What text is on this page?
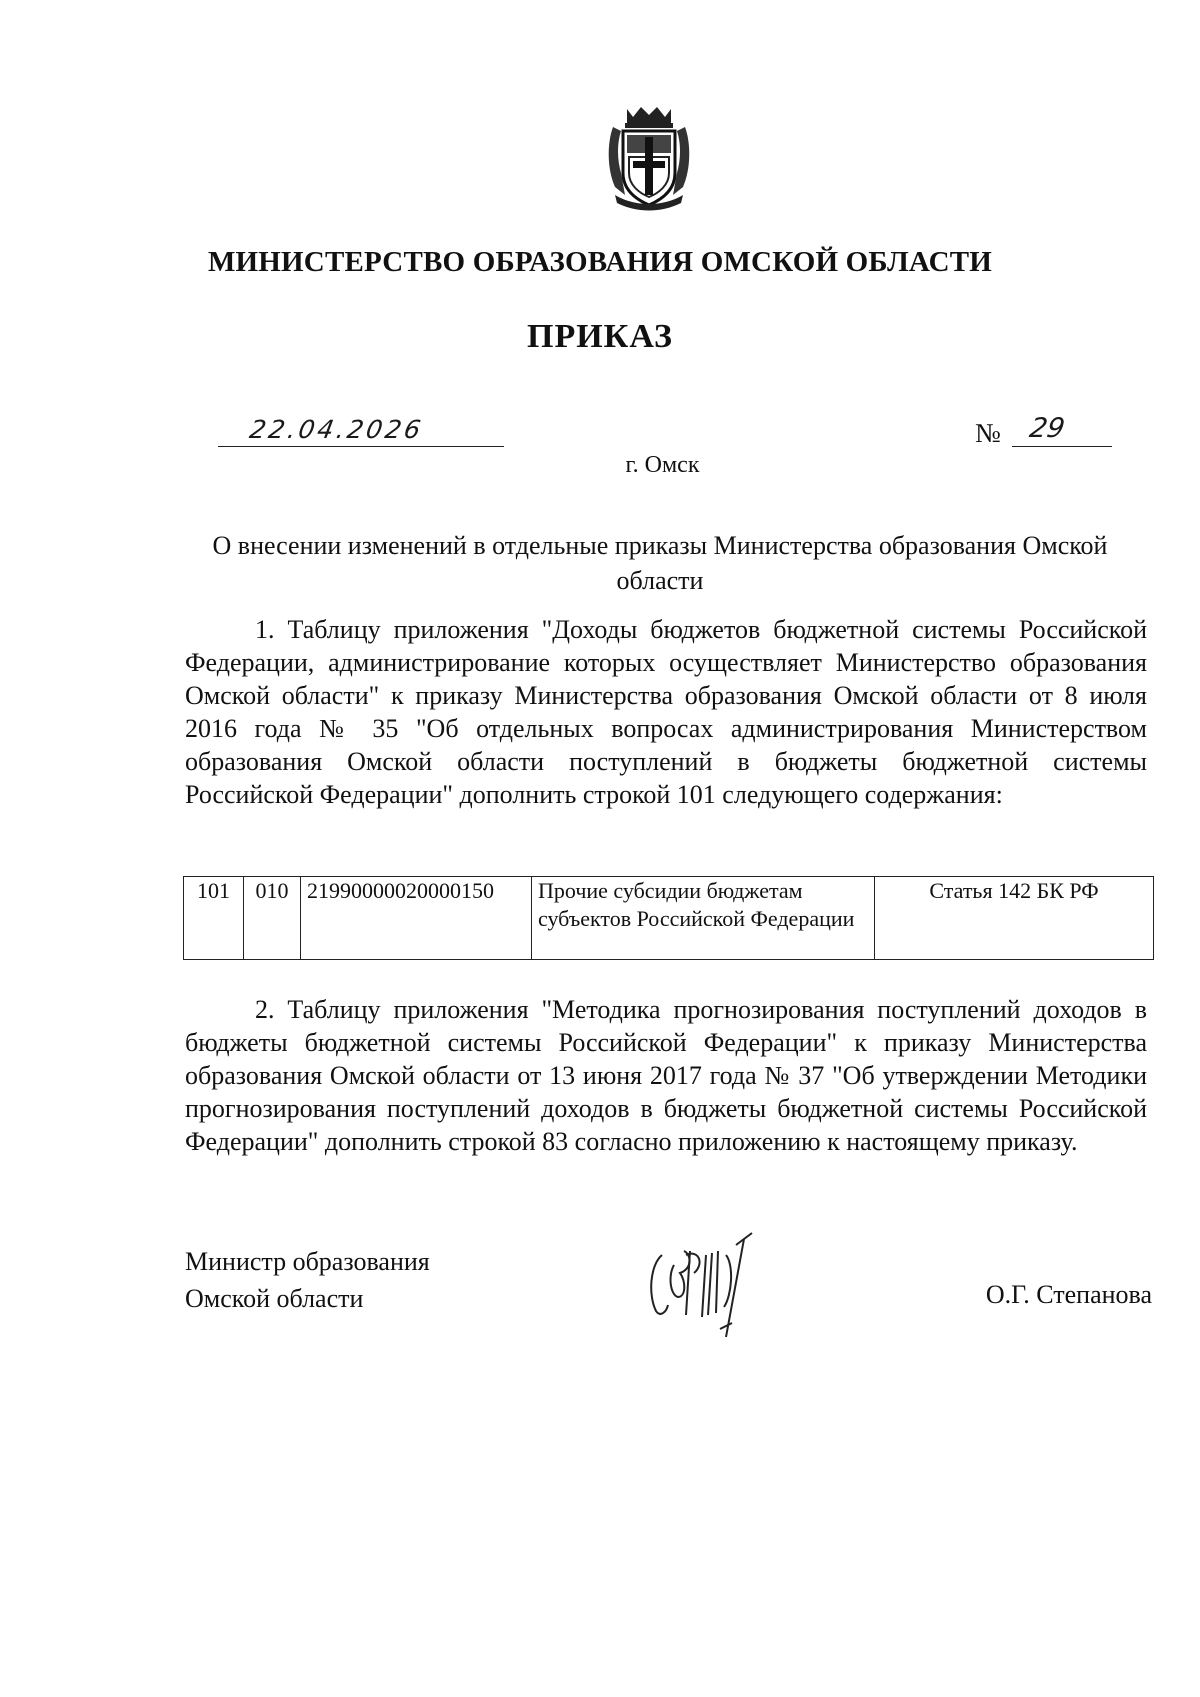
МИНИСТЕРСТВО ОБРАЗОВАНИЯ ОМСКОЙ ОБЛАСТИ
ПРИКАЗ
22.04.2026	№ 29
г. Омск
О внесении изменений в отдельные приказы Министерства образования Омской области
1. Таблицу приложения "Доходы бюджетов бюджетной системы Российской Федерации, администрирование которых осуществляет Министерство образования Омской области" к приказу Министерства образования Омской области от 8 июля 2016 года № 35 "Об отдельных вопросах администрирования Министерством образования Омской области поступлений в бюджеты бюджетной системы Российской Федерации" дополнить строкой 101 следующего содержания:
101	010	21990000020000150	Прочие субсидии бюджетам субъектов Российской Федерации	Статья 142 БК РФ
2. Таблицу приложения "Методика прогнозирования поступлений доходов в бюджеты бюджетной системы Российской Федерации" к приказу Министерства образования Омской области от 13 июня 2017 года № 37 "Об утверждении Методики прогнозирования поступлений доходов в бюджеты бюджетной системы Российской Федерации" дополнить строкой 83 согласно приложению к настоящему приказу.
Министр образования
Омской области	О.Г. Степанова
